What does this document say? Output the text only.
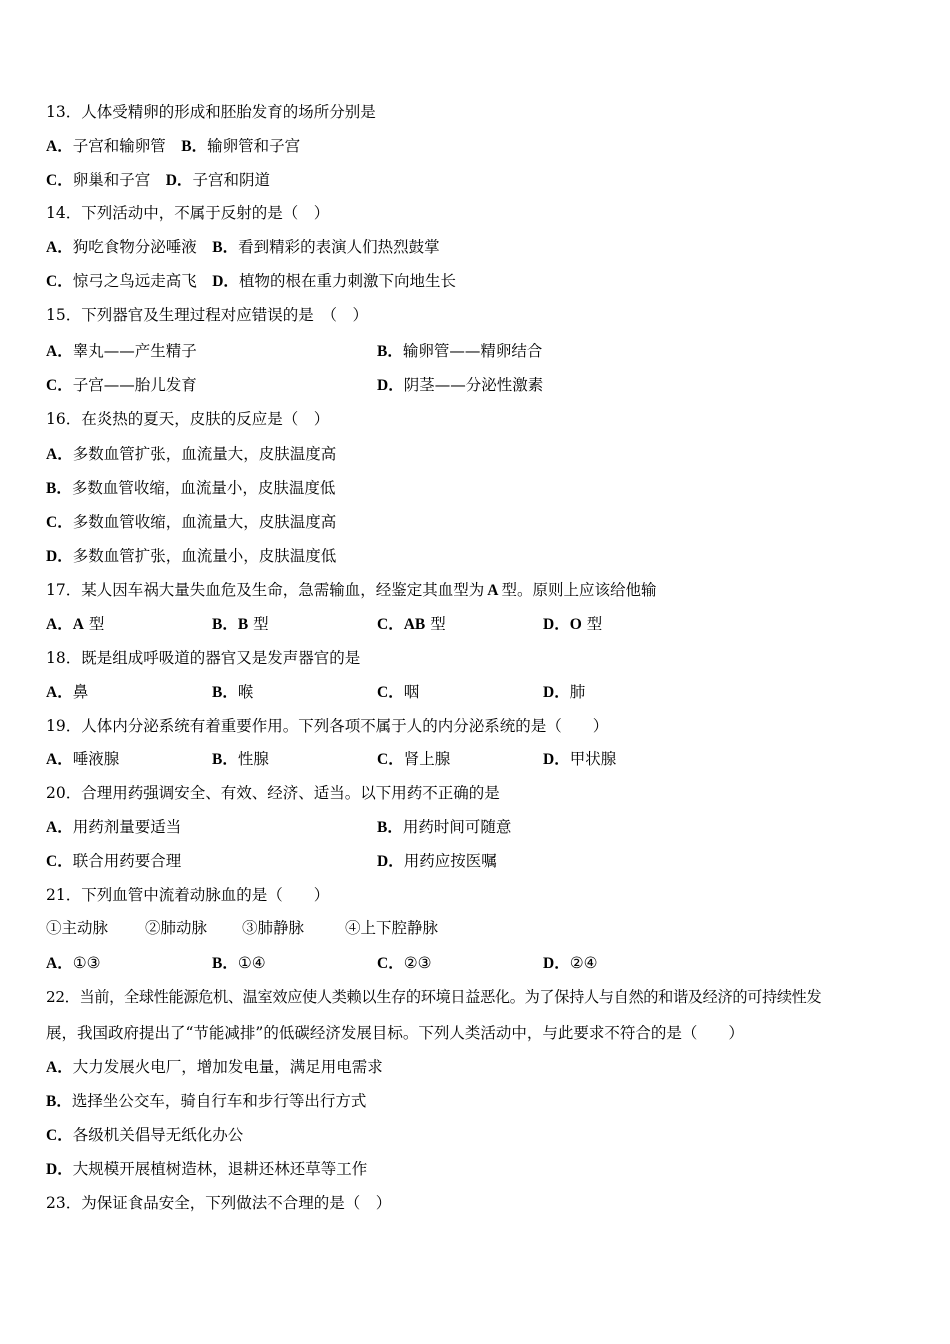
13．人体受精卵的形成和胚胎发育的场所分别是
A．子宫和输卵管　 B．输卵管和子宫
C．卵巢和子宫　 D．子宫和阴道
14．下列活动中，不属于反射的是（　）
A．狗吃食物分泌唾液　 B．看到精彩的表演人们热烈鼓掌
C．惊弓之鸟远走高飞　 D．植物的根在重力刺激下向地生长
15．下列器官及生理过程对应错误的是　（　）
A．睾丸——产生精子	B．输卵管——精卵结合
C．子宫——胎儿发育	D．阴茎——分泌性激素
16．在炎热的夏天，皮肤的反应是（　）
A．多数血管扩张，血流量大，皮肤温度高
B．多数血管收缩，血流量小，皮肤温度低
C．多数血管收缩，血流量大，皮肤温度高
D．多数血管扩张，血流量小，皮肤温度低
17．某人因车祸大量失血危及生命，急需输血，经鉴定其血型为 A 型。原则上应该给他输
A．A 型	B．B 型	C．AB 型	D．O 型
18．既是组成呼吸道的器官又是发声器官的是
A．鼻	B．喉	C．咽	D．肺
19．人体内分泌系统有着重要作用。下列各项不属于人的内分泌系统的是（　　）
A．唾液腺	B．性腺	C．肾上腺	D．甲状腺
20．合理用药强调安全、有效、经济、适当。以下用药不正确的是
A．用药剂量要适当	B．用药时间可随意
C．联合用药要合理	D．用药应按医嘱
21．下列血管中流着动脉血的是（　　）
①主动脉 ②肺动脉 ③肺静脉	④上下腔静脉
A．①③	B．①④	C．②③	D．②④
22．当前，全球性能源危机、温室效应使人类赖以生存的环境日益恶化。为了保持人与自然的和谐及经济的可持续性发
展，我国政府提出了“节能减排”的低碳经济发展目标。下列人类活动中，与此要求不符合的是（　　）
A．大力发展火电厂，增加发电量，满足用电需求
B．选择坐公交车，骑自行车和步行等出行方式
C．各级机关倡导无纸化办公
D．大规模开展植树造林，退耕还林还草等工作
23．为保证食品安全，下列做法不合理的是（　）
